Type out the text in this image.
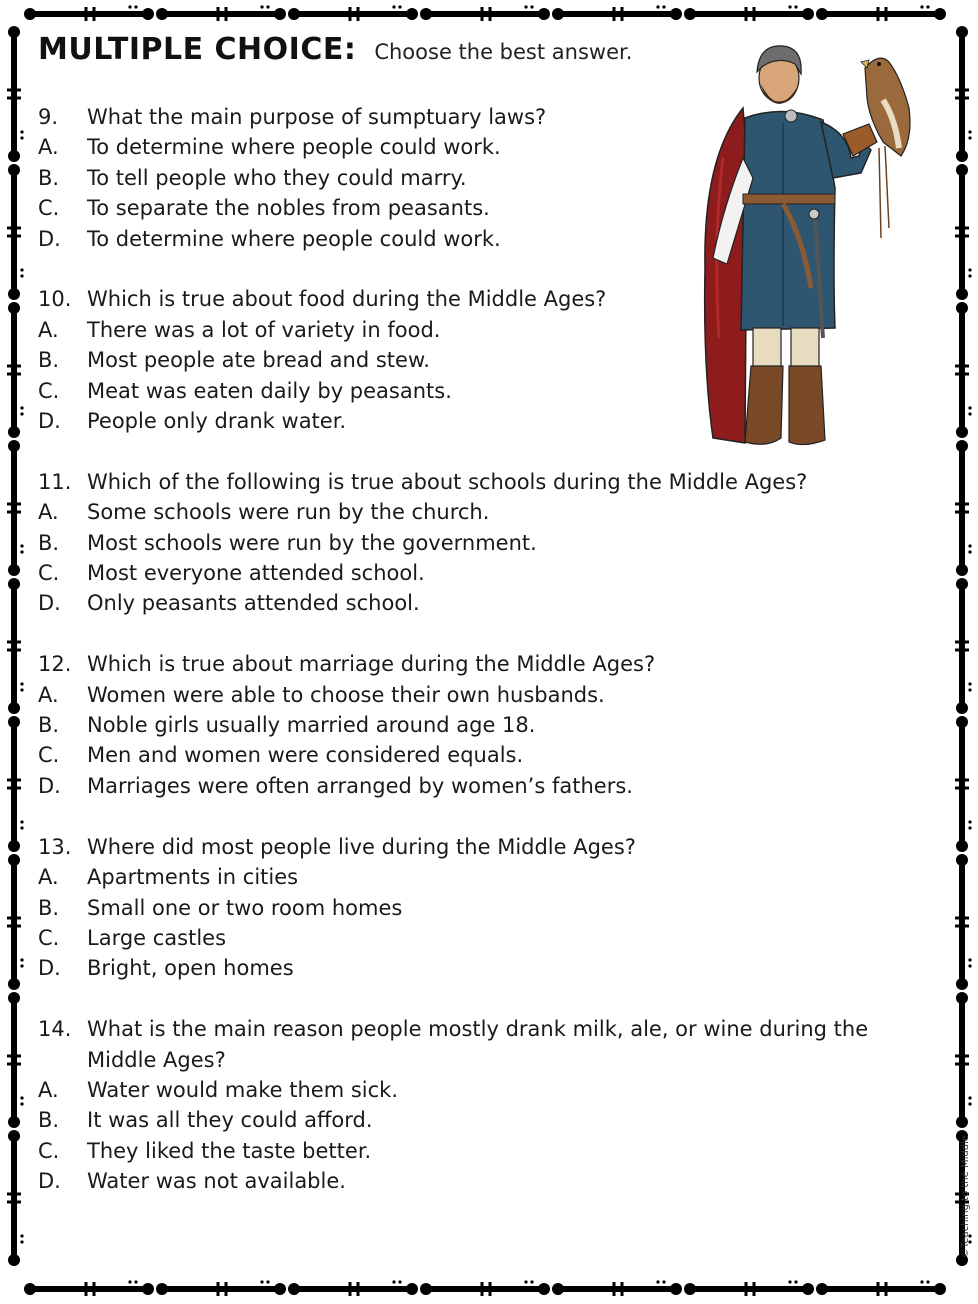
MULTIPLE CHOICE: Choose the best answer.
9.	What the main purpose of sumptuary laws?
A.	To determine where people could work.
B.	To tell people who they could marry.
C.	To separate the nobles from peasants.
D.	To determine where people could work.
10. Which is true about food during the Middle Ages?
A.	There was a lot of variety in food.
B.	Most people ate bread and stew.
C.	Meat was eaten daily by peasants.
D.	People only drank water.
11. Which of the following is true about schools during the Middle Ages?
A.	Some schools were run by the church.
B.	Most schools were run by the government.
C.	Most everyone attended school.
D.	Only peasants attended school.
12. Which is true about marriage during the Middle Ages?
A.	Women were able to choose their own husbands.
B.	Noble girls usually married around age 18.
C.	Men and women were considered equals.
D.	Marriages were often arranged by women’s fathers.
13. Where did most people live during the Middle Ages?
A.	Apartments in cities
B.	Small one or two room homes
C.	Large castles
D.	Bright, open homes
14. What is the main reason people mostly drank milk, ale, or wine during the Middle Ages?
A.	Water would make them sick.
B.	It was all they could afford.
C.	They liked the taste better.
D.	Water was not available.	©Teaching to the Middle
